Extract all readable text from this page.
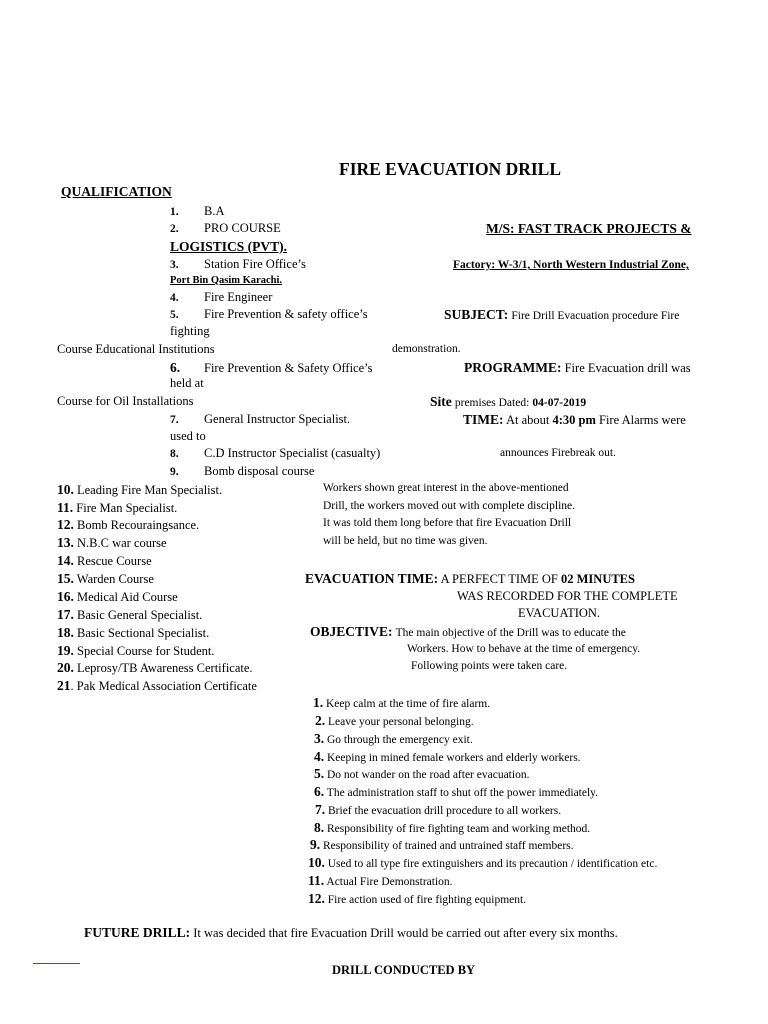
FIRE EVACUATION DRILL
QUALIFICATION
1. B.A
2. PRO COURSE	M/S: FAST TRACK PROJECTS &
LOGISTICS (PVT).
3. Station Fire Office’s	Factory: W-3/1, North Western Industrial Zone,
Port Bin Qasim Karachi.
4. Fire Engineer
5. Fire Prevention & safety office’s	SUBJECT: Fire Drill Evacuation procedure Fire
fighting
Course Educational Institutions	demonstration.
6. Fire Prevention & Safety Office’s	PROGRAMME: Fire Evacuation drill was
held at
Course for Oil Installations	Site premises Dated: 04-07-2019
7. General Instructor Specialist.	TIME: At about 4:30 pm Fire Alarms were
used to
8. C.D Instructor Specialist (casualty)	announces Firebreak out.
9. Bomb disposal course
10. Leading Fire Man Specialist.
11. Fire Man Specialist.
12. Bomb Recouraingsance.
13. N.B.C war course
14. Rescue Course
15. Warden Course
16. Medical Aid Course
17. Basic General Specialist.
18. Basic Sectional Specialist.
19. Special Course for Student.
20. Leprosy/TB Awareness Certificate.
21. Pak Medical Association Certificate
Workers shown great interest in the above-mentioned
Drill, the workers moved out with complete discipline.
It was told them long before that fire Evacuation Drill
will be held, but no time was given.
EVACUATION TIME: A PERFECT TIME OF 02 MINUTES
WAS RECORDED FOR THE COMPLETE
EVACUATION.
OBJECTIVE: The main objective of the Drill was to educate the
Workers. How to behave at the time of emergency.
Following points were taken care.
1. Keep calm at the time of fire alarm.
2. Leave your personal belonging.
3. Go through the emergency exit.
4. Keeping in mined female workers and elderly workers.
5. Do not wander on the road after evacuation.
6. The administration staff to shut off the power immediately.
7. Brief the evacuation drill procedure to all workers.
8. Responsibility of fire fighting team and working method.
9. Responsibility of trained and untrained staff members.
10. Used to all type fire extinguishers and its precaution / identification etc.
11. Actual Fire Demonstration.
12. Fire action used of fire fighting equipment.
FUTURE DRILL: It was decided that fire Evacuation Drill would be carried out after every six months.
DRILL CONDUCTED BY
